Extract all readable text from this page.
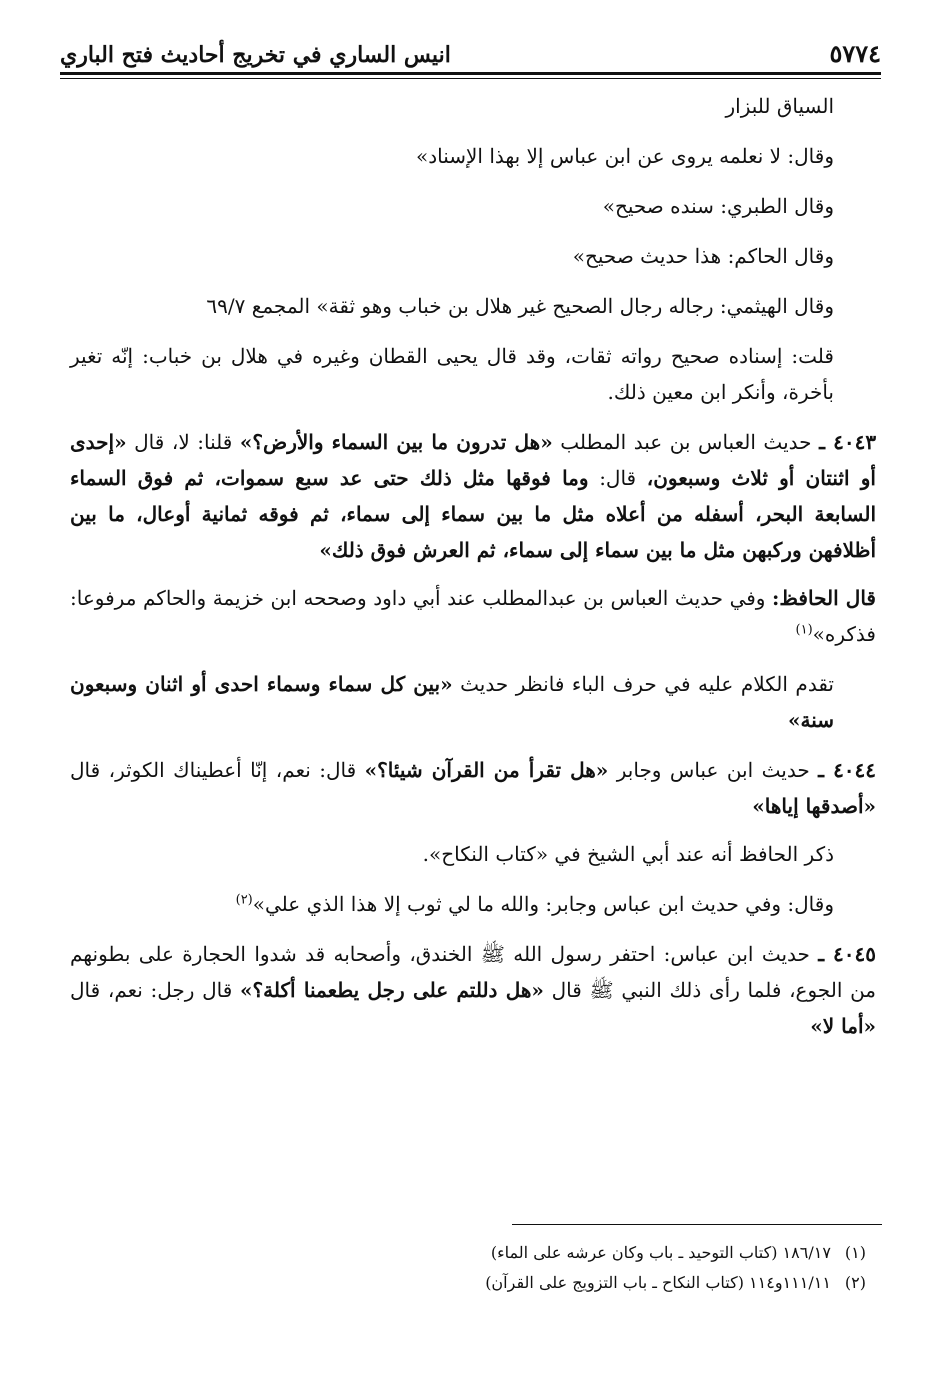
انيس الساري في تخريج أحاديث فتح الباري	٥٧٧٤

السياق للبزار

وقال: لا نعلمه يروى عن ابن عباس إلا بهذا الإسناد»

وقال الطبري: سنده صحيح»

وقال الحاكم: هذا حديث صحيح»

وقال الهيثمي: رجاله رجال الصحيح غير هلال بن خباب وهو ثقة» المجمع ٦٩/٧

قلت: إسناده صحيح رواته ثقات، وقد قال يحيى القطان وغيره في هلال بن خباب: إنّه تغير بأخرة، وأنكر ابن معين ذلك.

٤٠٤٣ ـ حديث العباس بن عبد المطلب «هل تدرون ما بين السماء والأرض؟» قلنا: لا، قال «إحدى أو اثنتان أو ثلاث وسبعون، قال: وما فوقها مثل ذلك حتى عد سبع سموات، ثم فوق السماء السابعة البحر، أسفله من أعلاه مثل ما بين سماء إلى سماء، ثم فوقه ثمانية أوعال، ما بين أظلافهن وركبهن مثل ما بين سماء إلى سماء، ثم العرش فوق ذلك»

قال الحافظ: وفي حديث العباس بن عبدالمطلب عند أبي داود وصححه ابن خزيمة والحاكم مرفوعا: فذكره»$^{(١)}$

تقدم الكلام عليه في حرف الباء فانظر حديث «بين كل سماء وسماء احدى أو اثنان وسبعون سنة»

٤٠٤٤ ـ حديث ابن عباس وجابر «هل تقرأ من القرآن شيئا؟» قال: نعم، إنّا أعطيناك الكوثر، قال «أصدقها إياها»

ذكر الحافظ أنه عند أبي الشيخ في «كتاب النكاح».

وقال: وفي حديث ابن عباس وجابر: والله ما لي ثوب إلا هذا الذي علي»$^{(٢)}$

٤٠٤٥ ـ حديث ابن عباس: احتفر رسول الله ﷺ الخندق، وأصحابه قد شدوا الحجارة على بطونهم من الجوع، فلما رأى ذلك النبي ﷺ قال «هل دللتم على رجل يطعمنا أكلة؟» قال رجل: نعم، قال «أما لا»
(١)
١٨٦/١٧ (كتاب التوحيد ـ باب وكان عرشه على الماء)
(٢)
١١١/١١و١١٤ (كتاب النكاح ـ باب التزويج على القرآن)
